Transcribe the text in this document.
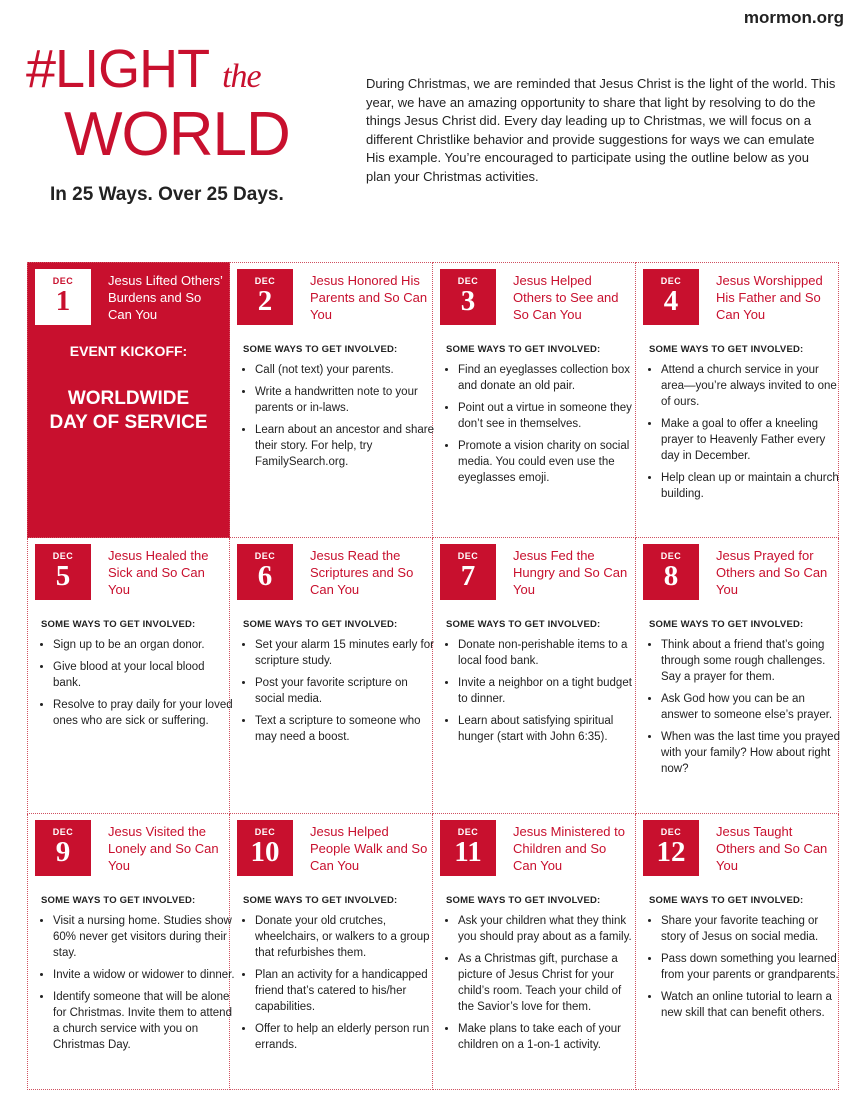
mormon.org
#LIGHT the
WORLD
In 25 Ways. Over 25 Days.
During Christmas, we are reminded that Jesus Christ is the light of the world. This year, we have an amazing opportunity to share that light by resolving to do the things Jesus Christ did. Every day leading up to Christmas, we will focus on a different Christlike behavior and provide suggestions for ways we can emulate His example. You’re encouraged to participate using the outline below as you plan your Christmas activities.
DEC
1
Jesus Lifted Others’ Burdens and So Can You
EVENT KICKOFF:
WORLDWIDE DAY OF SERVICE
DEC
2
Jesus Honored His Parents and So Can You
SOME WAYS TO GET INVOLVED:
• Call (not text) your parents.
• Write a handwritten note to your parents or in-laws.
• Learn about an ancestor and share their story. For help, try FamilySearch.org.
DEC
3
Jesus Helped Others to See and So Can You
SOME WAYS TO GET INVOLVED:
• Find an eyeglasses collection box and donate an old pair.
• Point out a virtue in someone they don’t see in themselves.
• Promote a vision charity on social media. You could even use the eyeglasses emoji.
DEC
4
Jesus Worshipped His Father and So Can You
SOME WAYS TO GET INVOLVED:
• Attend a church service in your area—you’re always invited to one of ours.
• Make a goal to offer a kneeling prayer to Heavenly Father every day in December.
• Help clean up or maintain a church building.
DEC
5
Jesus Healed the Sick and So Can You
SOME WAYS TO GET INVOLVED:
• Sign up to be an organ donor.
• Give blood at your local blood bank.
• Resolve to pray daily for your loved ones who are sick or suffering.
DEC
6
Jesus Read the Scriptures and So Can You
SOME WAYS TO GET INVOLVED:
• Set your alarm 15 minutes early for scripture study.
• Post your favorite scripture on social media.
• Text a scripture to someone who may need a boost.
DEC
7
Jesus Fed the Hungry and So Can You
SOME WAYS TO GET INVOLVED:
• Donate non-perishable items to a local food bank.
• Invite a neighbor on a tight budget to dinner.
• Learn about satisfying spiritual hunger (start with John 6:35).
DEC
8
Jesus Prayed for Others and So Can You
SOME WAYS TO GET INVOLVED:
• Think about a friend that’s going through some rough challenges. Say a prayer for them.
• Ask God how you can be an answer to someone else’s prayer.
• When was the last time you prayed with your family? How about right now?
DEC
9
Jesus Visited the Lonely and So Can You
SOME WAYS TO GET INVOLVED:
• Visit a nursing home. Studies show 60% never get visitors during their stay.
• Invite a widow or widower to dinner.
• Identify someone that will be alone for Christmas. Invite them to attend a church service with you on Christmas Day.
DEC
10
Jesus Helped People Walk and So Can You
SOME WAYS TO GET INVOLVED:
• Donate your old crutches, wheelchairs, or walkers to a group that refurbishes them.
• Plan an activity for a handicapped friend that’s catered to his/her capabilities.
• Offer to help an elderly person run errands.
DEC
11
Jesus Ministered to Children and So Can You
SOME WAYS TO GET INVOLVED:
• Ask your children what they think you should pray about as a family.
• As a Christmas gift, purchase a picture of Jesus Christ for your child’s room. Teach your child of the Savior’s love for them.
• Make plans to take each of your children on a 1-on-1 activity.
DEC
12
Jesus Taught Others and So Can You
SOME WAYS TO GET INVOLVED:
• Share your favorite teaching or story of Jesus on social media.
• Pass down something you learned from your parents or grandparents.
• Watch an online tutorial to learn a new skill that can benefit others.
